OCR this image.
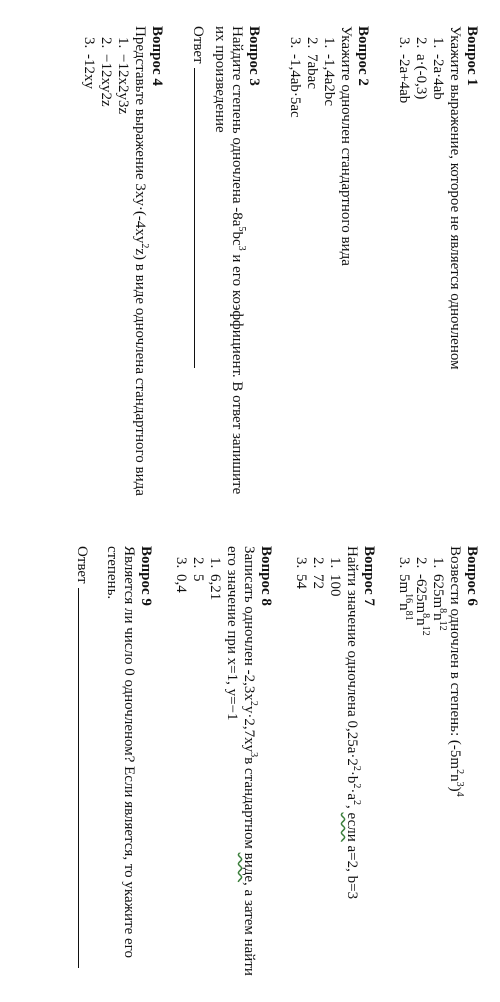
Вопрос 1
Укажите выражение, которое не является одночленом
1. -2a·4ab
2. a·(-0,3)
3. -2a+4ab
Вопрос 2
Укажите одночлен стандартного вида
1. -1,4a2bc
2. 7abac
3. -1,4ab·5ac
Вопрос 3
Найдите степень одночлена $-8a^5bc^3$ и его коэффициент. В ответ запишите их произведение
Ответ
Вопрос 4
Представьте выражение $3xy\cdot(-4xy^2z)$ в виде одночлена стандартного вида
1. −12x2y3z
2. −12xy2z
3. -12xy
Вопрос 6
Возвести одночлен в степень: $(-5m^2n^3)^4$
1. $625m^8n^{12}$
2. $-625m^8n^{12}$
3. $5m^{16}n^{81}$
Вопрос 7
Найти значение одночлена $0,25a\cdot 2^2\cdot b^2\cdot a^2$, если a=2, b=3
1. 100
2. 72
3. 54
Вопрос 8
Записать одночлен $-2,3x^2y\cdot 2,7xy^3в$ стандартном виде, а затем найти его значение при x=1, y=−1
1. 6,21
2. 5
3. 0,4
Вопрос 9
Является ли число 0 одночленом? Если является, то укажите его степень.
Ответ
